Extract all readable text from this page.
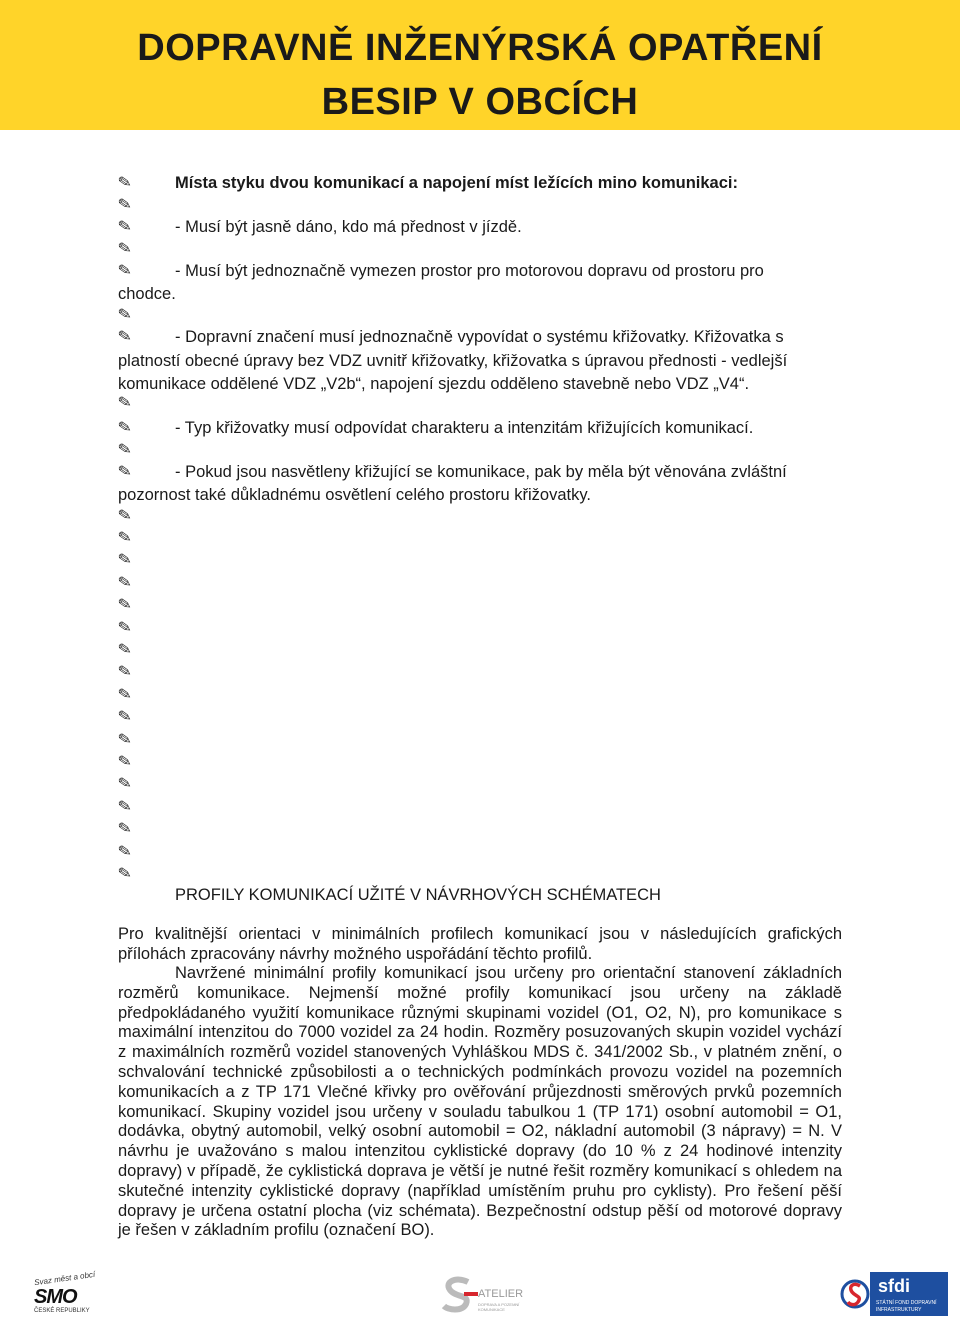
DOPRAVNĚ INŽENÝRSKÁ OPATŘENÍ
BESIP V OBCÍCH
✎
✎
✎
✎
✎
✎
✎
✎
✎
✎
✎
✎
✎
✎
✎
✎
✎
✎
✎
✎
✎
✎
✎
✎
✎
✎
✎
✎
Místa styku dvou komunikací a napojení míst ležících mino komunikaci:
- Musí být jasně dáno, kdo má přednost v jízdě.
- Musí být jednoznačně vymezen prostor pro motorovou dopravu od prostoru pro
chodce.
- Dopravní značení musí jednoznačně vypovídat o systému křižovatky. Křižovatka s
platností obecné úpravy bez VDZ uvnitř křižovatky, křižovatka s úpravou přednosti - vedlejší
komunikace oddělené VDZ „V2b“, napojení sjezdu odděleno stavebně nebo VDZ „V4“.
- Typ křižovatky musí odpovídat charakteru a intenzitám křižujících komunikací.
- Pokud jsou nasvětleny křižující se komunikace, pak by měla být věnována zvláštní
pozornost také důkladnému osvětlení celého prostoru křižovatky.
PROFILY KOMUNIKACÍ UŽITÉ V NÁVRHOVÝCH SCHÉMATECH

Pro kvalitnější orientaci v minimálních profilech komunikací jsou v následujících grafických přílohách zpracovány návrhy možného uspořádání těchto profilů.

Navržené minimální profily komunikací jsou určeny pro orientační stanovení základních rozměrů komunikace. Nejmenší možné profily komunikací jsou určeny na základě předpokládaného využití komunikace různými skupinami vozidel (O1, O2, N), pro komunikace s maximální intenzitou do 7000 vozidel za 24 hodin. Rozměry posuzovaných skupin vozidel vychází z maximálních rozměrů vozidel stanovených Vyhláškou MDS č. 341/2002 Sb., v platném znění, o schvalování technické způsobilosti a o technických podmínkách provozu vozidel na pozemních komunikacích a z TP 171 Vlečné křivky pro ověřování průjezdnosti směrových prvků pozemních komunikací. Skupiny vozidel jsou určeny v souladu tabulkou 1 (TP 171) osobní automobil = O1, dodávka, obytný automobil, velký osobní automobil = O2, nákladní automobil (3 nápravy) = N. V návrhu je uvažováno s malou intenzitou cyklistické dopravy (do 10 % z 24 hodinové intenzity dopravy) v případě, že cyklistická doprava je větší je nutné řešit rozměry komunikací s ohledem na skutečné intenzity cyklistické dopravy (například umístěním pruhu pro cyklisty). Pro řešení pěší dopravy je určena ostatní plocha (viz schémata). Bezpečnostní odstup pěší od motorové dopravy je řešen v základním profilu (označení BO).

Svaz měst a obcí
SMO
ČESKÉ REPUBLIKY
ATELIER
DOPRAVA A POZEMNÍ KOMUNIKACE
sfdi
STÁTNÍ FOND DOPRAVNÍ
INFRASTRUKTURY
